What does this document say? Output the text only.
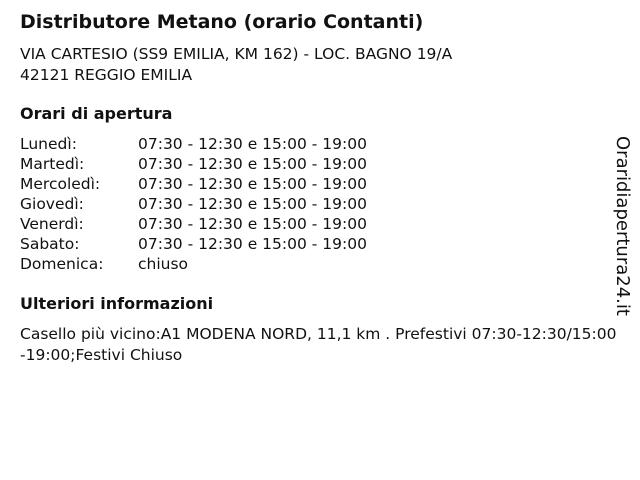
Distributore Metano (orario Contanti)
VIA CARTESIO (SS9 EMILIA, KM 162) - LOC. BAGNO 19/A
42121 REGGIO EMILIA
Orari di apertura
Lunedì:	07:30 - 12:30 e 15:00 - 19:00
Martedì:	07:30 - 12:30 e 15:00 - 19:00
Mercoledì: 07:30 - 12:30 e 15:00 - 19:00
Giovedì:	07:30 - 12:30 e 15:00 - 19:00
Venerdì:	07:30 - 12:30 e 15:00 - 19:00
Sabato:	07:30 - 12:30 e 15:00 - 19:00
Domenica: chiuso
Ulteriori informazioni
Casello più vicino:A1 MODENA NORD, 11,1 km . Prefestivi 07:30-12:30/15:00-19:00;Festivi Chiuso
Oraridiapertura24.it
